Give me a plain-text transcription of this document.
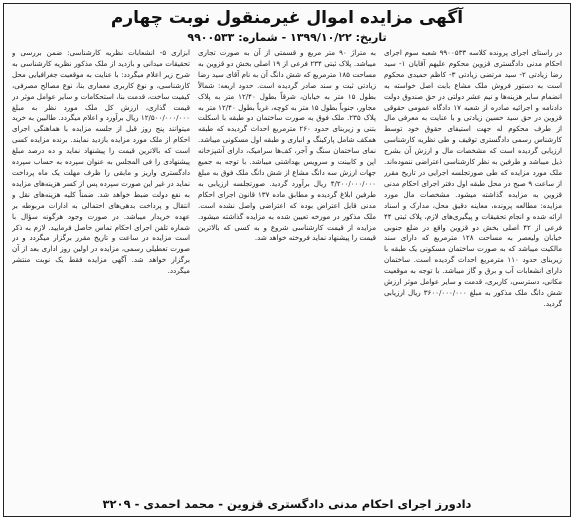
آگهی مزایده اموال غیرمنقول نوبت چهارم
تاریخ: ۱۳۹۹/۱۰/۲۲ - شماره: ۹۹۰۰۵۳۳
در راستای اجرای پرونده کلاسه ۹۹۰۰۵۳۳ شعبه سوم اجرای احکام مدنی دادگستری قزوین محکوم علیهم آقایان ۱- سید رضا زیادتی ۲- سید مرتضی زیادتی ۳- کاظم حمیدی محکوم است به دستور فروش ملک مشاع بابت اصل خواسته به انضمام سایر هزینه‌ها و نیم عشر دولتی در حق صندوق دولت دادنامه و اجرائیه صادره از شعبه ۱۷ دادگاه عمومی حقوقی قزوین در حق سید حسین زیادتی و با عنایت به معرفی مال از طرف محکوم له جهت استیفای حقوق خود توسط کارشناس رسمی دادگستری توقیف و طی نظریه کارشناسی ارزیابی گردیده است که مشخصات مال و ارزش آن بشرح ذیل میباشد و طرفین به نظر کارشناسی اعتراضی ننموده‌اند. ملک مورد مزایده که طی صورتجلسه اجرایی در تاریخ مقرر از ساعت ۹ صبح در محل طبقه اول دفتر اجرای احکام مدنی قزوین به مزایده گذاشته میشود. مشخصات مال مورد مزایده: مطالعه پرونده، معاینه دقیق محل، مدارک و اسناد ارائه شده و انجام تحقیقات و پیگیری‌های لازم، پلاک ثبتی ۴۴ فرعی از ۴۲ اصلی بخش دو قزوین واقع در ضلع جنوبی خیابان ولیعصر به مساحت ۱۲۸ مترمربع که دارای سند مالکیت میباشد که به صورت ساختمان مسکونی یک طبقه با زیربنای حدود ۱۱۰ مترمربع احداث گردیده است. ساختمان دارای انشعابات آب و برق و گاز میباشد. با توجه به موقعیت مکانی، دسترسی، کاربری، قدمت و سایر عوامل موثر ارزش شش دانگ ملک مذکور به مبلغ ۳۶۰۰/۰۰۰/۰۰۰ ریال ارزیابی گردید.
به متراژ ۹۰ متر مربع و قسمتی از آن به صورت تجاری میباشد. پلاک ثبتی ۲۳۴ فرعی از ۱۹ اصلی بخش دو قزوین به مساحت ۱۸۵ مترمربع که شش دانگ آن به نام آقای سید رضا زیادتی ثبت و سند صادر گردیده است. حدود اربعه: شمالاً بطول ۱۵ متر به خیابان، شرقاً بطول ۱۲/۴۰ متر به پلاک مجاور، جنوباً بطول ۱۵ متر به کوچه، غرباً بطول ۱۲/۴۰ متر به پلاک ۲۳۵. ملک فوق به صورت ساختمان دو طبقه با اسکلت بتنی و زیربنای حدود ۲۶۰ مترمربع احداث گردیده که طبقه همکف شامل پارکینگ و انباری و طبقه اول مسکونی میباشد. نمای ساختمان سنگ و آجر، کف‌ها سرامیک، دارای آشپزخانه اپن و کابینت و سرویس بهداشتی میباشد. با توجه به جمیع جهات ارزش سه دانگ مشاع از شش دانگ ملک فوق به مبلغ ۴/۲۰۰/۰۰۰/۰۰۰ ریال برآورد گردید. صورتجلسه ارزیابی به طرفین ابلاغ گردیده و مطابق ماده ۱۳۷ قانون اجرای احکام مدنی قابل اعتراض بوده که اعتراضی واصل نشده است. ملک مذکور در مورخه تعیین شده به مزایده گذاشته میشود. مزایده از قیمت کارشناسی شروع و به کسی که بالاترین قیمت را پیشنهاد نماید فروخته خواهد شد.
ابزاری ۵- انشعابات نظریه کارشناسی: ضمن بررسی و تحقیقات میدانی و بازدید از ملک مذکور نظریه کارشناسی به شرح زیر اعلام میگردد: با عنایت به موقعیت جغرافیایی محل کارشناسی، و نوع کاربری معماری بنا، نوع مصالح مصرفی، کیفیت ساخت، قدمت بنا، استحکامات و سایر عوامل موثر در قیمت گذاری، ارزش کل ملک مورد نظر به مبلغ ۱۲/۵۰۰/۰۰۰/۰۰۰ ریال برآورد و اعلام میگردد. طالبین به خرید میتوانند پنج روز قبل از جلسه مزایده با هماهنگی اجرای احکام از ملک مورد مزایده بازدید نمایند. برنده مزایده کسی است که بالاترین قیمت را پیشنهاد نماید و ده درصد مبلغ پیشنهادی را فی المجلس به عنوان سپرده به حساب سپرده دادگستری واریز و مابقی را ظرف مهلت یک ماه پرداخت نماید در غیر این صورت سپرده پس از کسر هزینه‌های مزایده به نفع دولت ضبط خواهد شد. ضمناً کلیه هزینه‌های نقل و انتقال و پرداخت بدهی‌های احتمالی به ادارات مربوطه بر عهده خریدار میباشد. در صورت وجود هرگونه سؤال با شماره تلفن اجرای احکام تماس حاصل فرمایید. لازم به ذکر است مزایده در ساعت و تاریخ مقرر برگزار میگردد و در صورت تعطیلی رسمی، مزایده در اولین روز اداری بعد از آن برگزار خواهد شد. آگهی مزایده فقط یک نوبت منتشر میگردد.
دادورز اجرای احکام مدنی دادگستری قزوین - محمد احمدی - ۳۲۰۹
